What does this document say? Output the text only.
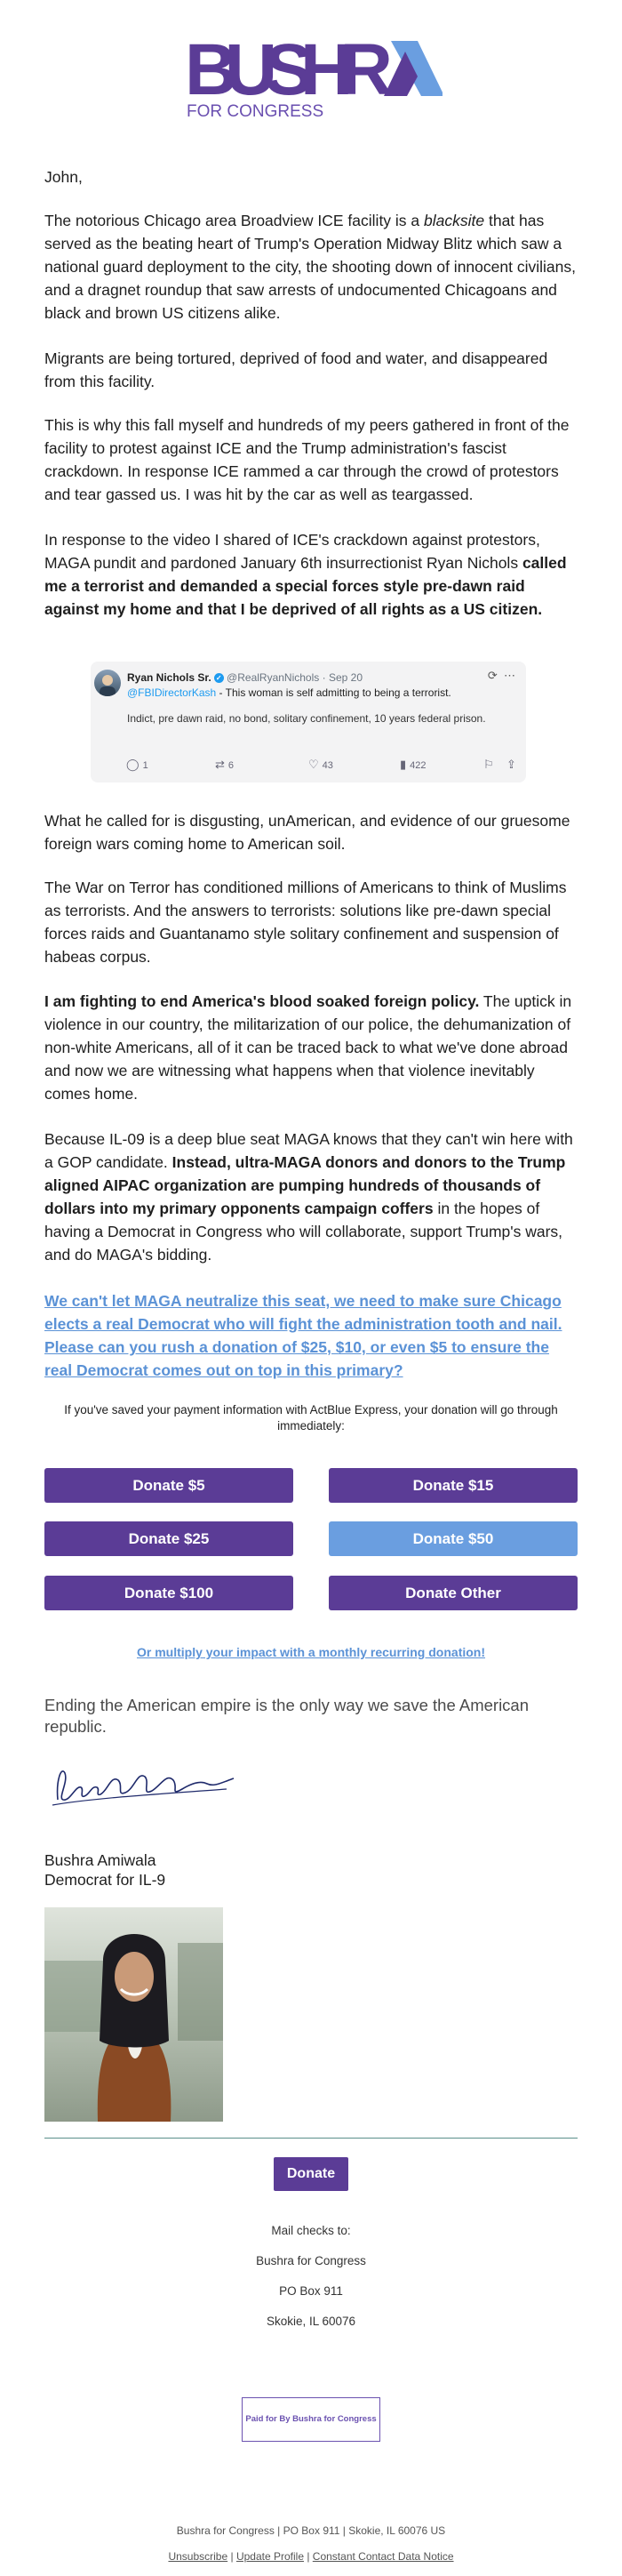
BUSHR	A
FOR CONGRESS

John,

The notorious Chicago area Broadview ICE facility is a blacksite that has served as the beating heart of Trump's Operation Midway Blitz which saw a national guard deployment to the city, the shooting down of innocent civilians, and a dragnet roundup that saw arrests of undocumented Chicagoans and black and brown US citizens alike.

Migrants are being tortured, deprived of food and water, and disappeared from this facility.

This is why this fall myself and hundreds of my peers gathered in front of the facility to protest against ICE and the Trump administration's fascist crackdown. In response ICE rammed a car through the crowd of protestors and tear gassed us. I was hit by the car as well as teargassed.

In response to the video I shared of ICE's crackdown against protestors, MAGA pundit and pardoned January 6th insurrectionist Ryan Nichols called me a terrorist and demanded a special forces style pre-dawn raid against my home and that I be deprived of all rights as a US citizen.

Ryan Nichols Sr. ✓ @RealRyanNichols · Sep 20	⟳ ⋯
@FBIDirectorKash - This woman is self admitting to being a terrorist.
Indict, pre dawn raid, no bond, solitary confinement, 10 years federal prison.
◯ 1	⇄ 6	♡ 43	▮ 422	⚐	⇪

What he called for is disgusting, unAmerican, and evidence of our gruesome foreign wars coming home to American soil.

The War on Terror has conditioned millions of Americans to think of Muslims as terrorists. And the answers to terrorists: solutions like pre-dawn special forces raids and Guantanamo style solitary confinement and suspension of habeas corpus.

I am fighting to end America's blood soaked foreign policy. The uptick in violence in our country, the militarization of our police, the dehumanization of non-white Americans, all of it can be traced back to what we've done abroad and now we are witnessing what happens when that violence inevitably comes home.

Because IL-09 is a deep blue seat MAGA knows that they can't win here with a GOP candidate. Instead, ultra-MAGA donors and donors to the Trump aligned AIPAC organization are pumping hundreds of thousands of dollars into my primary opponents campaign coffers in the hopes of having a Democrat in Congress who will collaborate, support Trump's wars, and do MAGA's bidding.

We can't let MAGA neutralize this seat, we need to make sure Chicago elects a real Democrat who will fight the administration tooth and nail. Please can you rush a donation of $25, $10, or even $5 to ensure the real Democrat comes out on top in this primary?

If you've saved your payment information with ActBlue Express, your donation will go through immediately:
Donate $5	Donate $15
Donate $25	Donate $50
Donate $100	Donate Other
Or multiply your impact with a monthly recurring donation!
Ending the American empire is the only way we save the American republic.
Bushra Amiwala
Democrat for IL-9
Donate
Mail checks to:
Bushra for Congress
PO Box 911
Skokie, IL 60076
Paid for By Bushra for Congress
Bushra for Congress | PO Box 911 | Skokie, IL 60076 US
Unsubscribe | Update Profile | Constant Contact Data Notice
